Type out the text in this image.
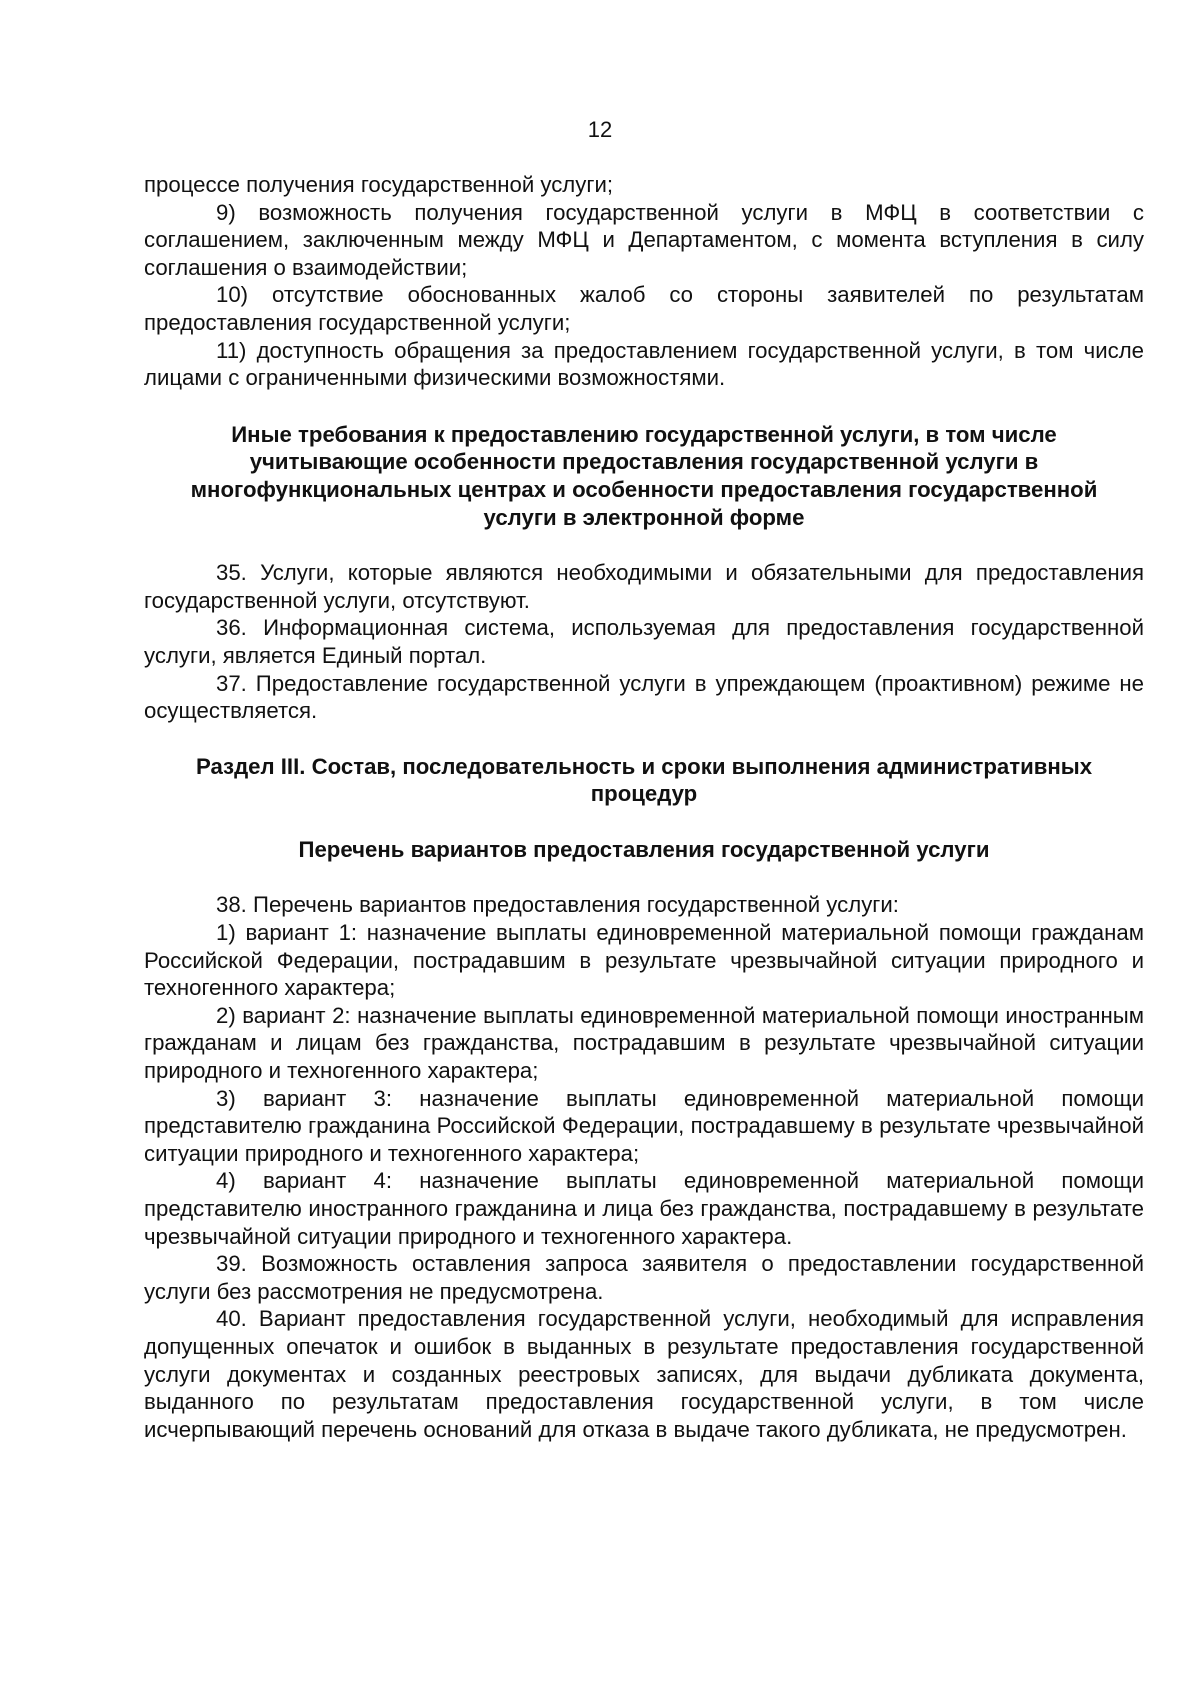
12

процессе получения государственной услуги;

9) возможность получения государственной услуги в МФЦ в соответствии с соглашением, заключенным между МФЦ и Департаментом, с момента вступления в силу соглашения о взаимодействии;

10) отсутствие обоснованных жалоб со стороны заявителей по результатам предоставления государственной услуги;

11) доступность обращения за предоставлением государственной услуги, в том числе лицами с ограниченными физическими возможностями.

Иные требования к предоставлению государственной услуги, в том числе
учитывающие особенности предоставления государственной услуги в
многофункциональных центрах и особенности предоставления государственной
услуги в электронной форме

35. Услуги, которые являются необходимыми и обязательными для предоставления государственной услуги, отсутствуют.

36. Информационная система, используемая для предоставления государственной услуги, является Единый портал.

37. Предоставление государственной услуги в упреждающем (проактивном) режиме не осуществляется.

Раздел III. Состав, последовательность и сроки выполнения административных
процедур
Перечень вариантов предоставления государственной услуги

38. Перечень вариантов предоставления государственной услуги:

1) вариант 1: назначение выплаты единовременной материальной помощи гражданам Российской Федерации, пострадавшим в результате чрезвычайной ситуации природного и техногенного характера;

2) вариант 2: назначение выплаты единовременной материальной помощи иностранным гражданам и лицам без гражданства, пострадавшим в результате чрезвычайной ситуации природного и техногенного характера;

3) вариант 3: назначение выплаты единовременной материальной помощи представителю гражданина Российской Федерации, пострадавшему в результате чрезвычайной ситуации природного и техногенного характера;

4) вариант 4: назначение выплаты единовременной материальной помощи представителю иностранного гражданина и лица без гражданства, пострадавшему в результате чрезвычайной ситуации природного и техногенного характера.

39. Возможность оставления запроса заявителя о предоставлении государственной услуги без рассмотрения не предусмотрена.

40. Вариант предоставления государственной услуги, необходимый для исправления допущенных опечаток и ошибок в выданных в результате предоставления государственной услуги документах и созданных реестровых записях, для выдачи дубликата документа, выданного по результатам предоставления государственной услуги, в том числе исчерпывающий перечень оснований для отказа в выдаче такого дубликата, не предусмотрен.
